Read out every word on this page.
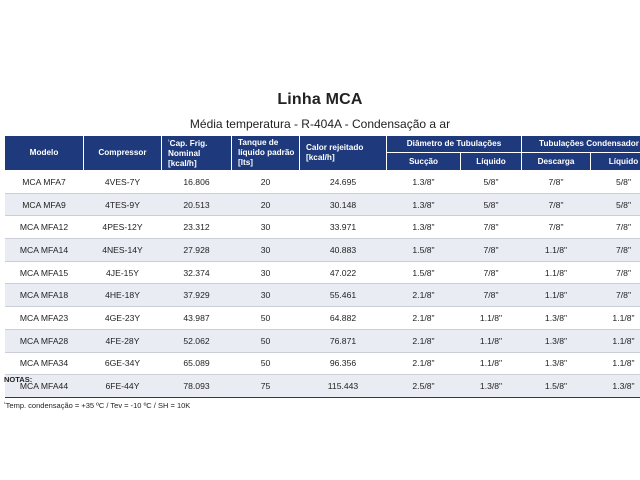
Linha MCA
Média temperatura - R-404A - Condensação a ar
Modelo	Compressor	$^{^1}$Cap. Frig. Nominal [kcal/h]	Tanque de líquido padrão [lts]	Calor rejeitado [kcal/h]	Diâmetro de Tubulações		Tubulações Condensador	
					Sucção	Líquido	Descarga	Líquido
MCA MFA7	4VES-7Y	16.806	20	24.695	1.3/8"	5/8"	7/8"	5/8"
MCA MFA9	4TES-9Y	20.513	20	30.148	1.3/8"	5/8"	7/8"	5/8"
MCA MFA12	4PES-12Y	23.312	30	33.971	1.3/8"	7/8"	7/8"	7/8"
MCA MFA14	4NES-14Y	27.928	30	40.883	1.5/8"	7/8"	1.1/8"	7/8"
MCA MFA15	4JE-15Y	32.374	30	47.022	1.5/8"	7/8"	1.1/8"	7/8"
MCA MFA18	4HE-18Y	37.929	30	55.461	2.1/8"	7/8"	1.1/8"	7/8"
MCA MFA23	4GE-23Y	43.987	50	64.882	2.1/8"	1.1/8"	1.3/8"	1.1/8"
MCA MFA28	4FE-28Y	52.062	50	76.871	2.1/8"	1.1/8"	1.3/8"	1.1/8"
MCA MFA34	6GE-34Y	65.089	50	96.356	2.1/8"	1.1/8"	1.3/8"	1.1/8"
MCA MFA44	6FE-44Y	78.093	75	115.443	2.5/8"	1.3/8"	1.5/8"	1.3/8"
NOTAS:
$^{^1}$Temp. condensação = +35 ºC / Tev = -10 ºC / SH = 10K
